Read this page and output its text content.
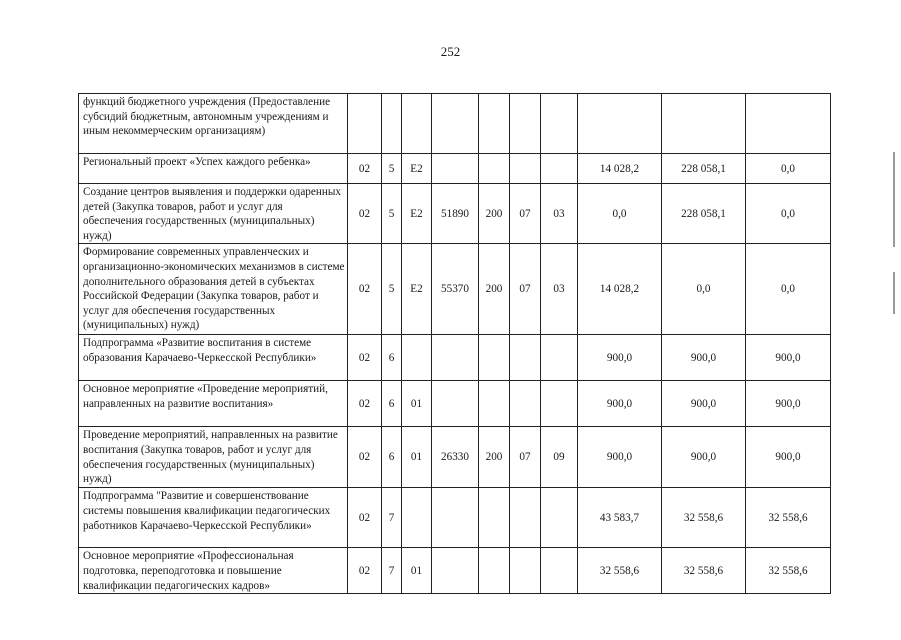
252
функций бюджетного учреждения (Предоставление субсидий бюджетным, автономным учреждениям и иным некоммерческим организациям)										
Региональный проект «Успех каждого ребенка»	02	5	E2					14 028,2	228 058,1	0,0
Создание центров выявления и поддержки одаренных детей (Закупка товаров, работ и услуг для обеспечения государственных (муниципальных) нужд)	02	5	E2	51890	200	07	03	0,0	228 058,1	0,0
Формирование современных управленческих и организационно-экономических механизмов в системе дополнительного образования детей в субъектах Российской Федерации (Закупка товаров, работ и услуг для обеспечения государственных (муниципальных) нужд)	02	5	E2	55370	200	07	03	14 028,2	0,0	0,0
Подпрограмма «Развитие воспитания в системе образования Карачаево-Черкесской Республики»	02	6						900,0	900,0	900,0
Основное мероприятие «Проведение мероприятий, направленных на развитие воспитания»	02	6	01					900,0	900,0	900,0
Проведение мероприятий, направленных на развитие воспитания (Закупка товаров, работ и услуг для обеспечения государственных (муниципальных) нужд)	02	6	01	26330	200	07	09	900,0	900,0	900,0
Подпрограмма "Развитие и совершенствование системы повышения квалификации педагогических работников Карачаево-Черкесской Республики»	02	7						43 583,7	32 558,6	32 558,6
Основное мероприятие «Профессиональная подготовка, переподготовка и повышение квалификации педагогических кадров»	02	7	01					32 558,6	32 558,6	32 558,6
